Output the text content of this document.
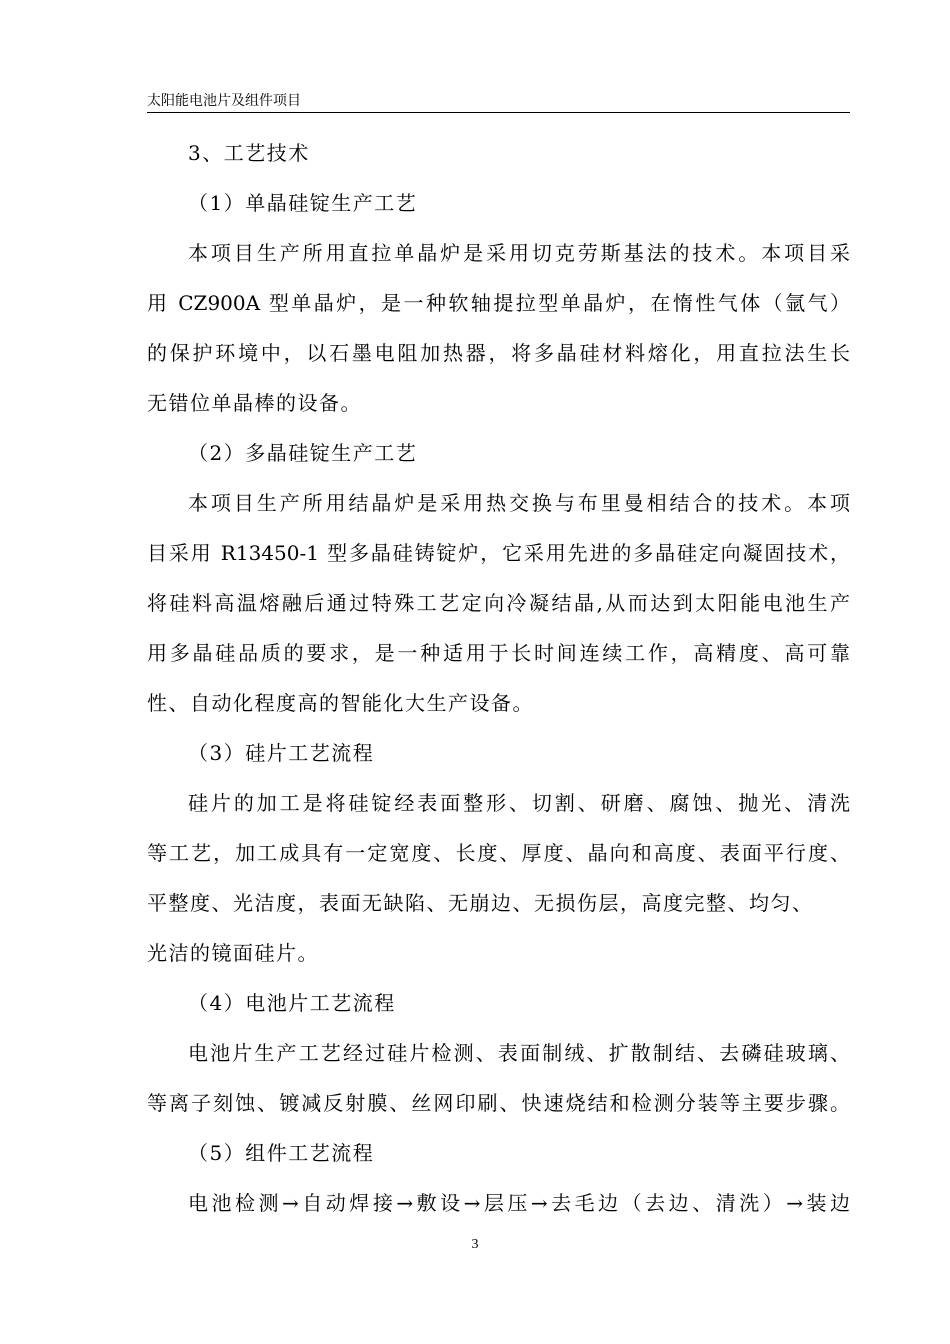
太阳能电池片及组件项目
3、工艺技术
（1）单晶硅锭生产工艺
本项目生产所用直拉单晶炉是采用切克劳斯基法的技术。本项目采
用 CZ900A 型单晶炉，是一种软轴提拉型单晶炉，在惰性气体（氩气）
的保护环境中，以石墨电阻加热器，将多晶硅材料熔化，用直拉法生长
无错位单晶棒的设备。
（2）多晶硅锭生产工艺
本项目生产所用结晶炉是采用热交换与布里曼相结合的技术。本项
目采用 R13450-1 型多晶硅铸锭炉，它采用先进的多晶硅定向凝固技术，
将硅料高温熔融后通过特殊工艺定向冷凝结晶,从而达到太阳能电池生产
用多晶硅品质的要求，是一种适用于长时间连续工作，高精度、高可靠
性、自动化程度高的智能化大生产设备。
（3）硅片工艺流程
硅片的加工是将硅锭经表面整形、切割、研磨、腐蚀、抛光、清洗
等工艺，加工成具有一定宽度、长度、厚度、晶向和高度、表面平行度、
平整度、光洁度，表面无缺陷、无崩边、无损伤层，高度完整、均匀、
光洁的镜面硅片。
（4）电池片工艺流程
电池片生产工艺经过硅片检测、表面制绒、扩散制结、去磷硅玻璃、
等离子刻蚀、镀减反射膜、丝网印刷、快速烧结和检测分装等主要步骤。
（5）组件工艺流程
电池检测→自动焊接→敷设→层压→去毛边（去边、清洗）→装边
3
